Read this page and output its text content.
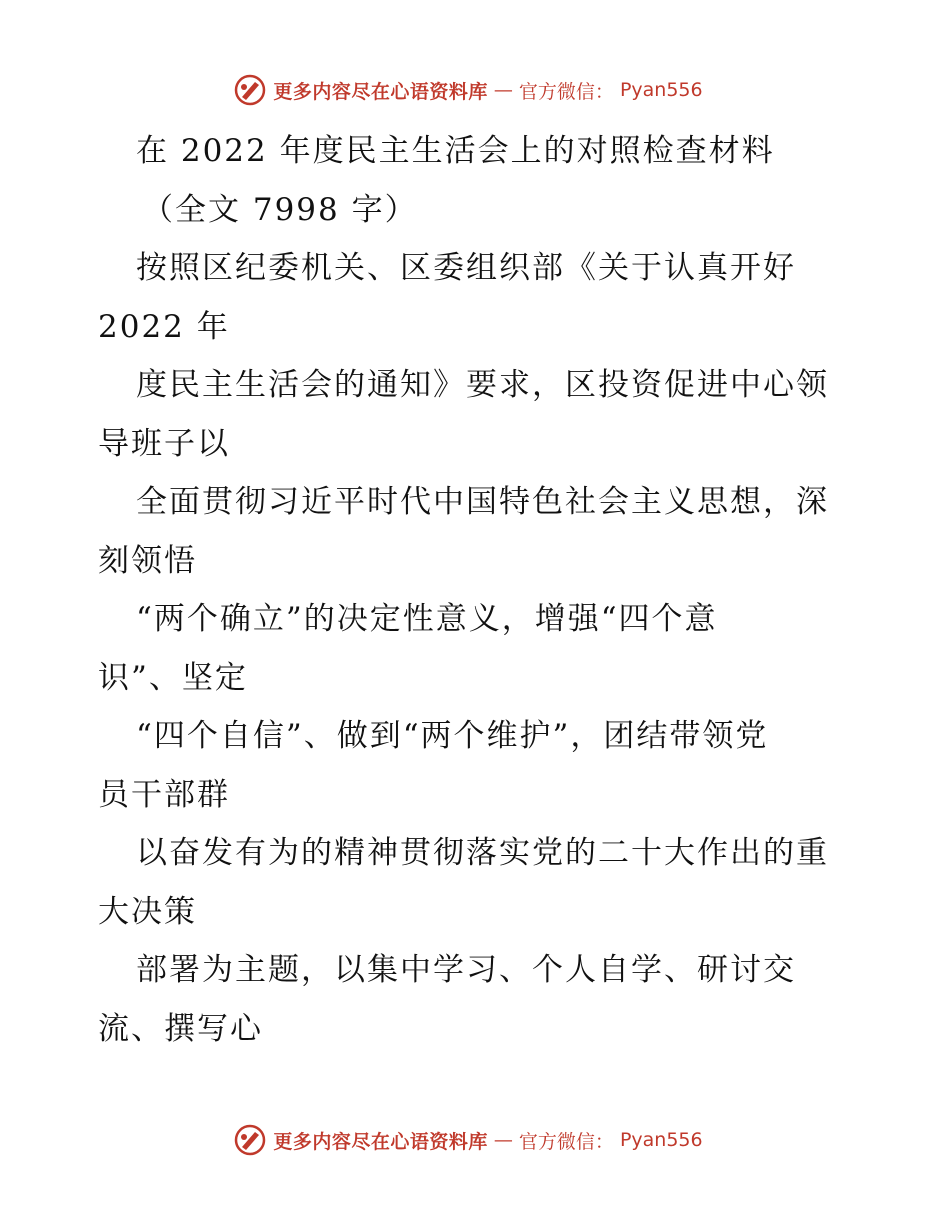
更多内容尽在心语资料库 — 官方微信： Pyan556
在 2022 年度民主生活会上的对照检查材料
（全文 7998 字）
按照区纪委机关、区委组织部《关于认真开好
2022 年
度民主生活会的通知》要求，区投资促进中心领
导班子以
全面贯彻习近平时代中国特色社会主义思想，深
刻领悟
“两个确立”的决定性意义，增强“四个意
识”、坚定
“四个自信”、做到“两个维护”，团结带领党
员干部群
以奋发有为的精神贯彻落实党的二十大作出的重
大决策
部署为主题，以集中学习、个人自学、研讨交
流、撰写心
更多内容尽在心语资料库 — 官方微信： Pyan556
